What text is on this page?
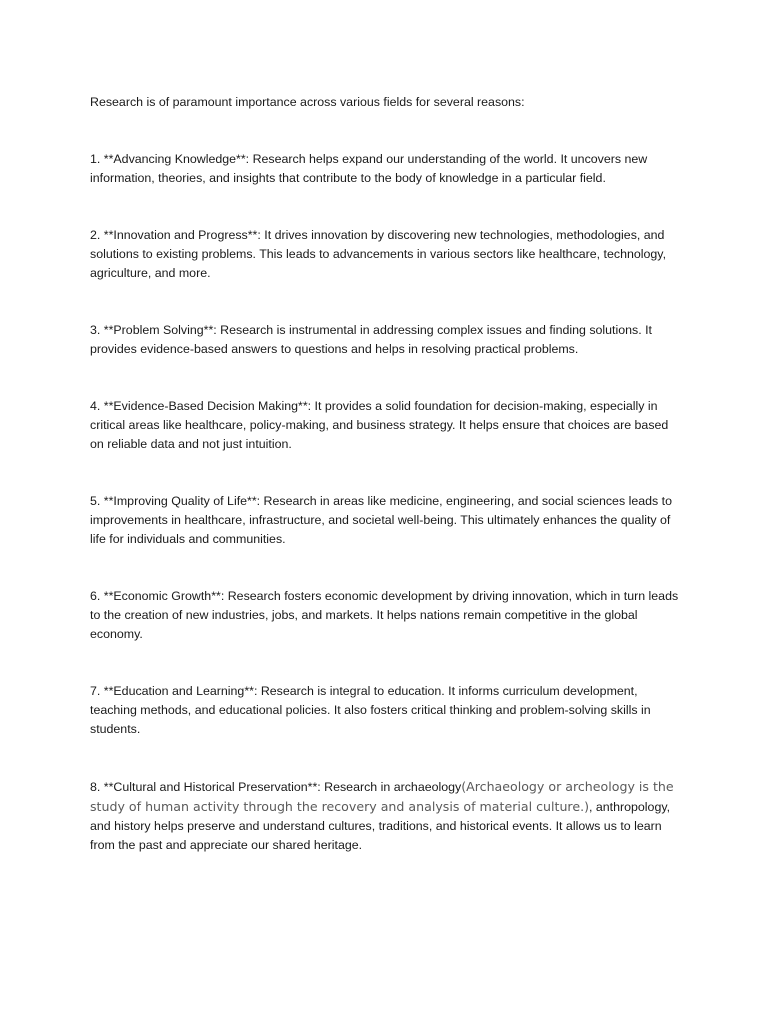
Research is of paramount importance across various fields for several reasons:

1. **Advancing Knowledge**: Research helps expand our understanding of the world. It uncovers new information, theories, and insights that contribute to the body of knowledge in a particular field.

2. **Innovation and Progress**: It drives innovation by discovering new technologies, methodologies, and solutions to existing problems. This leads to advancements in various sectors like healthcare, technology, agriculture, and more.

3. **Problem Solving**: Research is instrumental in addressing complex issues and finding solutions. It provides evidence-based answers to questions and helps in resolving practical problems.

4. **Evidence-Based Decision Making**: It provides a solid foundation for decision-making, especially in critical areas like healthcare, policy-making, and business strategy. It helps ensure that choices are based on reliable data and not just intuition.

5. **Improving Quality of Life**: Research in areas like medicine, engineering, and social sciences leads to improvements in healthcare, infrastructure, and societal well-being. This ultimately enhances the quality of life for individuals and communities.

6. **Economic Growth**: Research fosters economic development by driving innovation, which in turn leads to the creation of new industries, jobs, and markets. It helps nations remain competitive in the global economy.

7. **Education and Learning**: Research is integral to education. It informs curriculum development, teaching methods, and educational policies. It also fosters critical thinking and problem-solving skills in students.

8. **Cultural and Historical Preservation**: Research in archaeology(Archaeology or archeology is the study of human activity through the recovery and analysis of material culture.), anthropology, and history helps preserve and understand cultures, traditions, and historical events. It allows us to learn from the past and appreciate our shared heritage.
